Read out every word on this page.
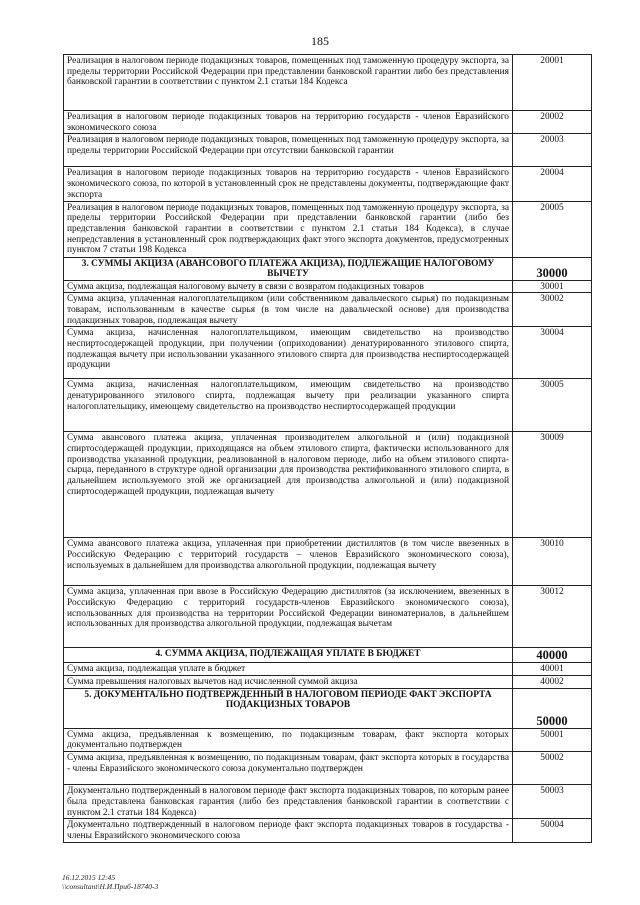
185
Реализация в налоговом периоде подакцизных товаров, помещенных под таможенную процедуру экспорта, за пределы территории Российской Федерации при представлении банковской гарантии либо без представления банковской гарантии в соответствии с пунктом 2.1 статьи 184 Кодекса	20001
Реализация в налоговом периоде подакцизных товаров на территорию государств - членов Евразийского экономического союза	20002
Реализация в налоговом периоде подакцизных товаров, помещенных под таможенную процедуру экспорта, за пределы территории Российской Федерации при отсутствии банковской гарантии	20003
Реализация в налоговом периоде подакцизных товаров на территорию государств - членов Евразийского экономического союза, по которой в установленный срок не представлены документы, подтверждающие факт экспорта	20004
Реализация в налоговом периоде подакцизных товаров, помещенных под таможенную процедуру экспорта, за пределы территории Российской Федерации при представлении банковской гарантии (либо без представления банковской гарантии в соответствии с пунктом 2.1 статьи 184 Кодекса), в случае непредставления в установленный срок подтверждающих факт этого экспорта документов, предусмотренных пунктом 7 статьи 198 Кодекса	20005
3. СУММЫ АКЦИЗА (АВАНСОВОГО ПЛАТЕЖА АКЦИЗА), ПОДЛЕЖАЩИЕ НАЛОГОВОМУ ВЫЧЕТУ	30000
Сумма акциза, подлежащая налоговому вычету в связи с возвратом подакцизных товаров	30001
Сумма акциза, уплаченная налогоплательщиком (или собственником давальческого сырья) по подакцизным товарам, использованным в качестве сырья (в том числе на давальческой основе) для производства подакцизных товаров, подлежащая вычету	30002
Сумма акциза, начисленная налогоплательщиком, имеющим свидетельство на производство неспиртосодержащей продукции, при получении (оприходовании) денатурированного этилового спирта, подлежащая вычету при использовании указанного этилового спирта для производства неспиртосодержащей продукции	30004
Сумма акциза, начисленная налогоплательщиком, имеющим свидетельство на производство денатурированного этилового спирта, подлежащая вычету при реализации указанного спирта налогоплательщику, имеющему свидетельство на производство неспиртосодержащей продукции	30005
Сумма авансового платежа акциза, уплаченная производителем алкогольной и (или) подакцизной спиртосодержащей продукции, приходящаяся на объем этилового спирта, фактически использованного для производства указанной продукции, реализованной в налоговом периоде, либо на объем этилового спирта-сырца, переданного в структуре одной организации для производства ректификованного этилового спирта, в дальнейшем используемого этой же организацией для производства алкогольной и (или) подакцизной спиртосодержащей продукции, подлежащая вычету	30009
Сумма авансового платежа акциза, уплаченная при приобретении дистиллятов (в том числе ввезенных в Российскую Федерацию с территорий государств – членов Евразийского экономического союза), используемых в дальнейшем для производства алкогольной продукции, подлежащая вычету	30010
Сумма акциза, уплаченная при ввозе в Российскую Федерацию дистиллятов (за исключением, ввезенных в Российскую Федерацию с территорий государств-членов Евразийского экономического союза), использованных для производства на территории Российской Федерации виноматериалов, в дальнейшем использованных для производства алкогольной продукции, подлежащая вычетам	30012
4. СУММА АКЦИЗА, ПОДЛЕЖАЩАЯ УПЛАТЕ В БЮДЖЕТ	40000
Сумма акциза, подлежащая уплате в бюджет	40001
Сумма превышения налоговых вычетов над исчисленной суммой акциза	40002
5. ДОКУМЕНТАЛЬНО ПОДТВЕРЖДЕННЫЙ В НАЛОГОВОМ ПЕРИОДЕ ФАКТ ЭКСПОРТА ПОДАКЦИЗНЫХ ТОВАРОВ	50000
Сумма акциза, предъявленная к возмещению, по подакцизным товарам, факт экспорта которых документально подтвержден	50001
Сумма акциза, предъявленная к возмещению, по подакцизным товарам, факт экспорта которых в государства - члены Евразийского экономического союза документально подтвержден	50002
Документально подтвержденный в налоговом периоде факт экспорта подакцизных товаров, по которым ранее была представлена банковская гарантия (либо без представления банковской гарантии в соответствии с пунктом 2.1 статьи 184 Кодекса)	50003
Документально подтвержденный в налоговом периоде факт экспорта подакцизных товаров в государства - члены Евразийского экономического союза	50004
16.12.2015 12:45
\\consultant\Н.И.Приб-18740-3
